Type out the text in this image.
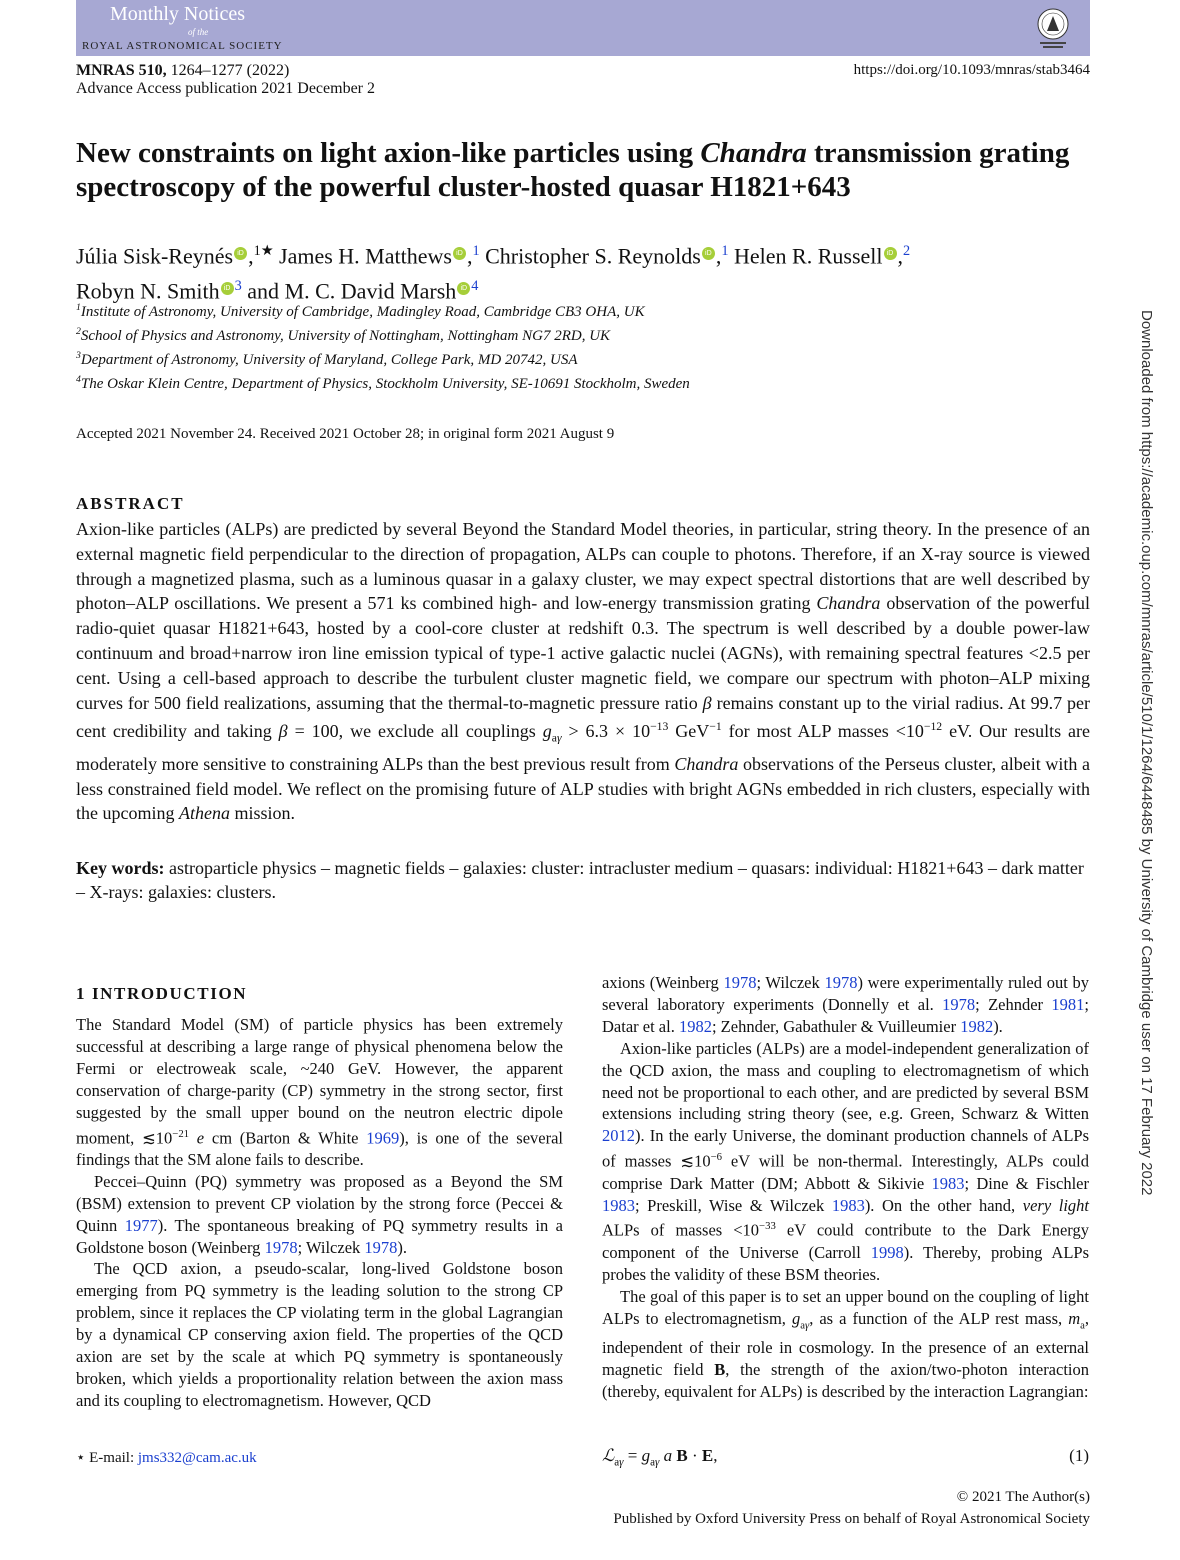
Monthly Notices
of the
ROYAL ASTRONOMICAL SOCIETY
MNRAS 510, 1264–1277 (2022)
Advance Access publication 2021 December 2
https://doi.org/10.1093/mnras/stab3464
New constraints on light axion-like particles using Chandra transmission grating spectroscopy of the powerful cluster-hosted quasar H1821+643
Júlia Sisk-Reynés iD ,$^{1★}$ James H. Matthews iD ,$^1$ Christopher S. Reynolds iD ,$^1$ Helen R. Russell iD ,$^2$
Robyn N. Smith iD $^3$ and M. C. David Marsh iD $^4$
$^1$Institute of Astronomy, University of Cambridge, Madingley Road, Cambridge CB3 OHA, UK
$^2$School of Physics and Astronomy, University of Nottingham, Nottingham NG7 2RD, UK
$^3$Department of Astronomy, University of Maryland, College Park, MD 20742, USA
$^4$The Oskar Klein Centre, Department of Physics, Stockholm University, SE-10691 Stockholm, Sweden
Accepted 2021 November 24. Received 2021 October 28; in original form 2021 August 9
ABSTRACT
Axion-like particles (ALPs) are predicted by several Beyond the Standard Model theories, in particular, string theory. In the presence of an external magnetic field perpendicular to the direction of propagation, ALPs can couple to photons. Therefore, if an X-ray source is viewed through a magnetized plasma, such as a luminous quasar in a galaxy cluster, we may expect spectral distortions that are well described by photon–ALP oscillations. We present a 571 ks combined high- and low-energy transmission grating Chandra observation of the powerful radio-quiet quasar H1821+643, hosted by a cool-core cluster at redshift 0.3. The spectrum is well described by a double power-law continuum and broad+narrow iron line emission typical of type-1 active galactic nuclei (AGNs), with remaining spectral features <2.5 per cent. Using a cell-based approach to describe the turbulent cluster magnetic field, we compare our spectrum with photon–ALP mixing curves for 500 field realizations, assuming that the thermal-to-magnetic pressure ratio β remains constant up to the virial radius. At 99.7 per cent credibility and taking β = 100, we exclude all couplings $g_{a\gamma} > 6.3 \times 10^{-13}$ GeV$^{-1}$ for most ALP masses $<10^{-12}$ eV. Our results are moderately more sensitive to constraining ALPs than the best previous result from Chandra observations of the Perseus cluster, albeit with a less constrained field model. We reflect on the promising future of ALP studies with bright AGNs embedded in rich clusters, especially with the upcoming Athena mission.
Key words: astroparticle physics – magnetic fields – galaxies: cluster: intracluster medium – quasars: individual: H1821+643 – dark matter – X-rays: galaxies: clusters.
1 INTRODUCTION

The Standard Model (SM) of particle physics has been extremely successful at describing a large range of physical phenomena below the Fermi or electroweak scale, ~240 GeV. However, the apparent conservation of charge-parity (CP) symmetry in the strong sector, first suggested by the small upper bound on the neutron electric dipole moment, $≲10^{-21}$ e cm (Barton & White 1969), is one of the several findings that the SM alone fails to describe.

Peccei–Quinn (PQ) symmetry was proposed as a Beyond the SM (BSM) extension to prevent CP violation by the strong force (Peccei & Quinn 1977). The spontaneous breaking of PQ symmetry results in a Goldstone boson (Weinberg 1978; Wilczek 1978).

The QCD axion, a pseudo-scalar, long-lived Goldstone boson emerging from PQ symmetry is the leading solution to the strong CP problem, since it replaces the CP violating term in the global Lagrangian by a dynamical CP conserving axion field. The properties of the QCD axion are set by the scale at which PQ symmetry is spontaneously broken, which yields a proportionality relation between the axion mass and its coupling to electromagnetism. However, QCD

axions (Weinberg 1978; Wilczek 1978) were experimentally ruled out by several laboratory experiments (Donnelly et al. 1978; Zehnder 1981; Datar et al. 1982; Zehnder, Gabathuler & Vuilleumier 1982).

Axion-like particles (ALPs) are a model-independent generalization of the QCD axion, the mass and coupling to electromagnetism of which need not be proportional to each other, and are predicted by several BSM extensions including string theory (see, e.g. Green, Schwarz & Witten 2012). In the early Universe, the dominant production channels of ALPs of masses $≲10^{-6}$ eV will be non-thermal. Interestingly, ALPs could comprise Dark Matter (DM; Abbott & Sikivie 1983; Dine & Fischler 1983; Preskill, Wise & Wilczek 1983). On the other hand, very light ALPs of masses $<10^{-33}$ eV could contribute to the Dark Energy component of the Universe (Carroll 1998). Thereby, probing ALPs probes the validity of these BSM theories.

The goal of this paper is to set an upper bound on the coupling of light ALPs to electromagnetism, $g_{a\gamma}$, as a function of the ALP rest mass, $m_a$, independent of their role in cosmology. In the presence of an external magnetic field B, the strength of the axion/two-photon interaction (thereby, equivalent for ALPs) is described by the interaction Lagrangian:

⋆ E-mail: jms332@cam.ac.uk	ℒ$_{a\gamma}$ = $g_{a\gamma}$ a B · E,	(1)
© 2021 The Author(s)
Published by Oxford University Press on behalf of Royal Astronomical Society
Downloaded from https://academic.oup.com/mnras/article/510/1/1264/6448485 by University of Cambridge user on 17 February 2022
